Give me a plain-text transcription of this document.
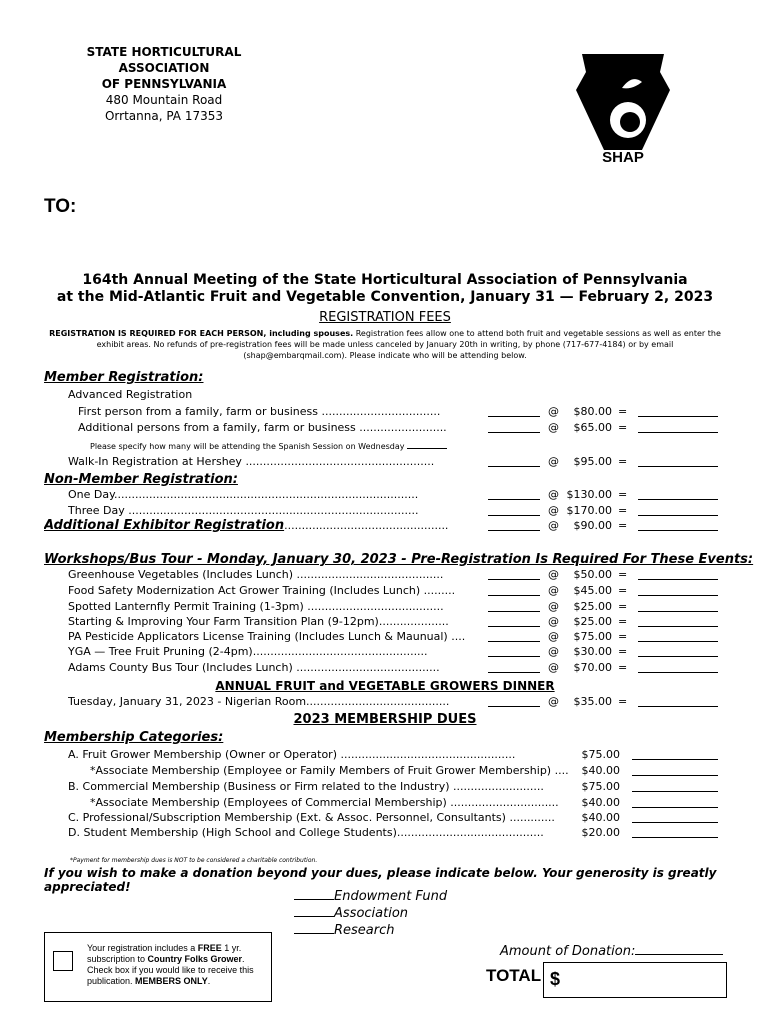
STATE HORTICULTURAL ASSOCIATION
OF PENNSYLVANIA
480 Mountain Road
Orrtanna, PA 17353
SHAP
TO:
164th Annual Meeting of the State Horticultural Association of Pennsylvania
at the Mid-Atlantic Fruit and Vegetable Convention, January 31 — February 2, 2023
REGISTRATION FEES
REGISTRATION IS REQUIRED FOR EACH PERSON, including spouses. Registration fees allow one to attend both fruit and vegetable sessions as well as enter the exhibit areas. No refunds of pre-registration fees will be made unless canceled by January 20th in writing, by phone (717-677-4184) or by email (shap@embarqmail.com). Please indicate who will be attending below.
Member Registration:
Advanced Registration
First person from a family, farm or business ..................................	@	$80.00 =
Additional persons from a family, farm or business .........................	@	$65.00 =
Please specify how many will be attending the Spanish Session on Wednesday
Walk-In Registration at Hershey ......................................................	@	$95.00 =
Non-Member Registration:
One Day.......................................................................................	@ $130.00 =
Three Day ...................................................................................	@ $170.00 =
Additional Exhibitor Registration...............................................	@	$90.00 =
Workshops/Bus Tour - Monday, January 30, 2023 - Pre-Registration Is Required For These Events:
Greenhouse Vegetables (Includes Lunch) ..........................................	@	$50.00 =
Food Safety Modernization Act Grower Training (Includes Lunch) .........	@	$45.00 =
Spotted Lanternfly Permit Training (1-3pm) .......................................	@	$25.00 =
Starting & Improving Your Farm Transition Plan (9-12pm)....................	@	$25.00 =
PA Pesticide Applicators License Training (Includes Lunch & Maunual) ....	@	$75.00 =
YGA — Tree Fruit Pruning (2-4pm)..................................................	@	$30.00 =
Adams County Bus Tour (Includes Lunch) .........................................	@	$70.00 =
ANNUAL FRUIT and VEGETABLE GROWERS DINNER
Tuesday, January 31, 2023 - Nigerian Room.........................................	@	$35.00 =
2023 MEMBERSHIP DUES
Membership Categories:
A. Fruit Grower Membership (Owner or Operator) ..................................................	$75.00
*Associate Membership (Employee or Family Members of Fruit Grower Membership) ....	$40.00
B. Commercial Membership (Business or Firm related to the Industry) ..........................	$75.00
*Associate Membership (Employees of Commercial Membership) ...............................	$40.00
C. Professional/Subscription Membership (Ext. & Assoc. Personnel, Consultants) .............	$40.00
D. Student Membership (High School and College Students)..........................................	$20.00
*Payment for membership dues is NOT to be considered a charitable contribution.
If you wish to make a donation beyond your dues, please indicate below. Your generosity is greatly appreciated!
Endowment Fund
Association
Research
Your registration includes a FREE 1 yr. subscription to Country Folks Grower. Check box if you would like to receive this publication. MEMBERS ONLY.
Amount of Donation:
TOTAL $
